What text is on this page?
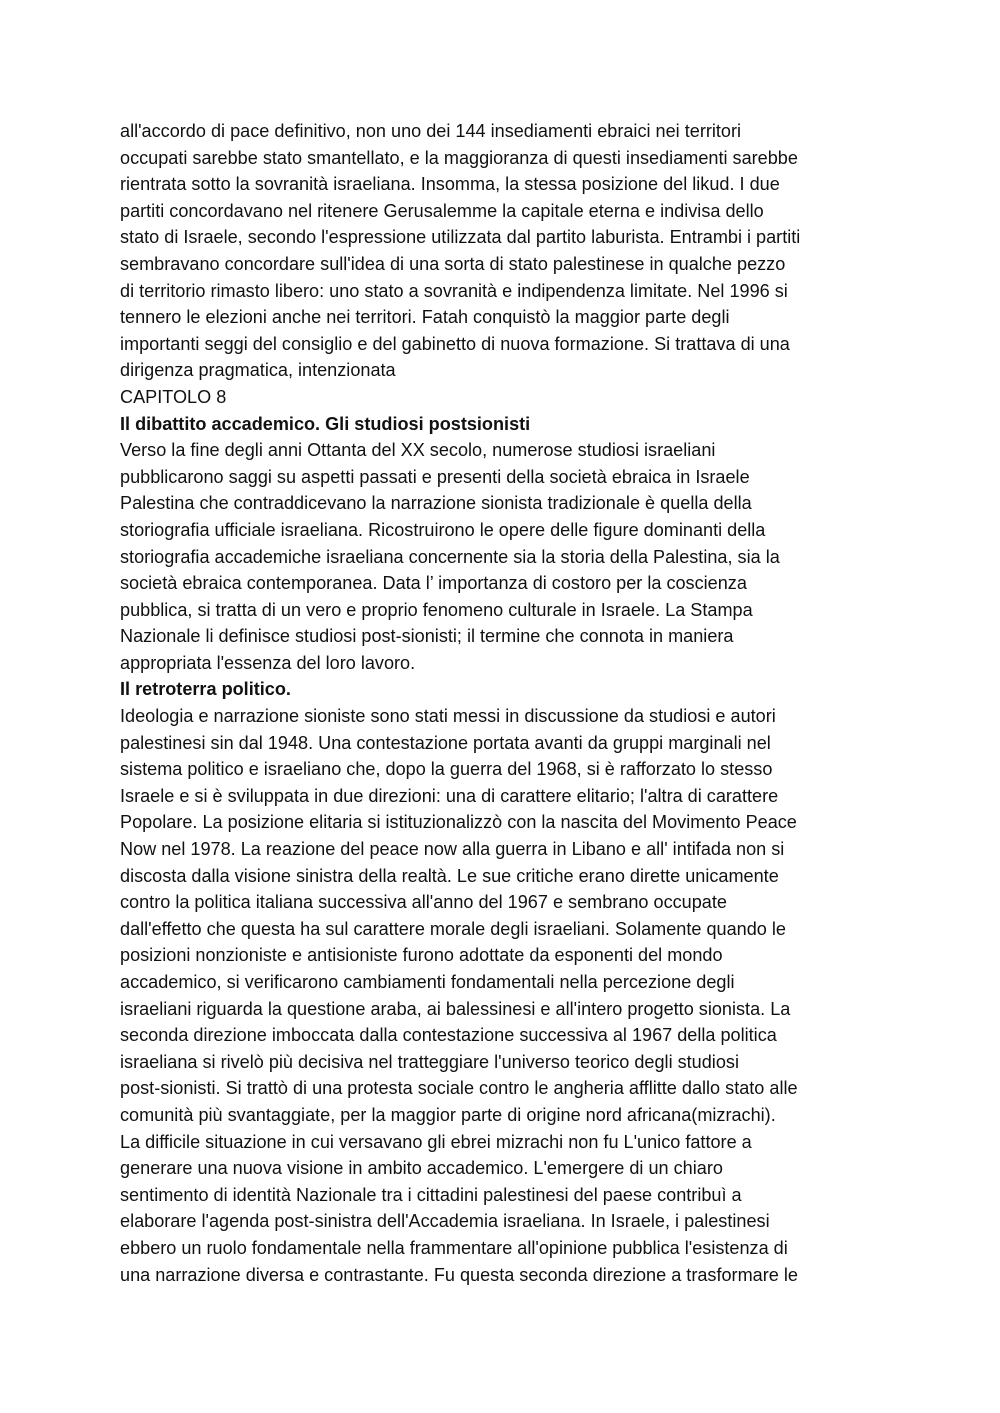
all'accordo di pace definitivo, non uno dei 144 insediamenti ebraici nei territori
occupati sarebbe stato smantellato, e la maggioranza di questi insediamenti sarebbe
rientrata sotto la sovranità israeliana. Insomma, la stessa posizione del likud. I due
partiti concordavano nel ritenere Gerusalemme la capitale eterna e indivisa dello
stato di Israele, secondo l'espressione utilizzata dal partito laburista. Entrambi i partiti
sembravano concordare sull'idea di una sorta di stato palestinese in qualche pezzo
di territorio rimasto libero: uno stato a sovranità e indipendenza limitate. Nel 1996 si
tennero le elezioni anche nei territori. Fatah conquistò la maggior parte degli
importanti seggi del consiglio e del gabinetto di nuova formazione. Si trattava di una
dirigenza pragmatica, intenzionata
CAPITOLO 8
Il dibattito accademico. Gli studiosi postsionisti
Verso la fine degli anni Ottanta del XX secolo, numerose studiosi israeliani
pubblicarono saggi su aspetti passati e presenti della società ebraica in Israele
Palestina che contraddicevano la narrazione sionista tradizionale è quella della
storiografia ufficiale israeliana. Ricostruirono le opere delle figure dominanti della
storiografia accademiche israeliana concernente sia la storia della Palestina, sia la
società ebraica contemporanea. Data l’ importanza di costoro per la coscienza
pubblica, si tratta di un vero e proprio fenomeno culturale in Israele. La Stampa
Nazionale li definisce studiosi post-sionisti; il termine che connota in maniera
appropriata l'essenza del loro lavoro.
Il retroterra politico.
Ideologia e narrazione sioniste sono stati messi in discussione da studiosi e autori
palestinesi sin dal 1948. Una contestazione portata avanti da gruppi marginali nel
sistema politico e israeliano che, dopo la guerra del 1968, si è rafforzato lo stesso
Israele e si è sviluppata in due direzioni: una di carattere elitario; l'altra di carattere
Popolare. La posizione elitaria si istituzionalizzò con la nascita del Movimento Peace
Now nel 1978. La reazione del peace now alla guerra in Libano e all' intifada non si
discosta dalla visione sinistra della realtà. Le sue critiche erano dirette unicamente
contro la politica italiana successiva all'anno del 1967 e sembrano occupate
dall'effetto che questa ha sul carattere morale degli israeliani. Solamente quando le
posizioni nonzioniste e antisioniste furono adottate da esponenti del mondo
accademico, si verificarono cambiamenti fondamentali nella percezione degli
israeliani riguarda la questione araba, ai balessinesi e all'intero progetto sionista. La
seconda direzione imboccata dalla contestazione successiva al 1967 della politica
israeliana si rivelò più decisiva nel tratteggiare l'universo teorico degli studiosi
post-sionisti. Si trattò di una protesta sociale contro le angheria afflitte dallo stato alle
comunità più svantaggiate, per la maggior parte di origine nord africana(mizrachi).
La difficile situazione in cui versavano gli ebrei mizrachi non fu L'unico fattore a
generare una nuova visione in ambito accademico. L'emergere di un chiaro
sentimento di identità Nazionale tra i cittadini palestinesi del paese contribuì a
elaborare l'agenda post-sinistra dell'Accademia israeliana. In Israele, i palestinesi
ebbero un ruolo fondamentale nella frammentare all'opinione pubblica l'esistenza di
una narrazione diversa e contrastante. Fu questa seconda direzione a trasformare le
